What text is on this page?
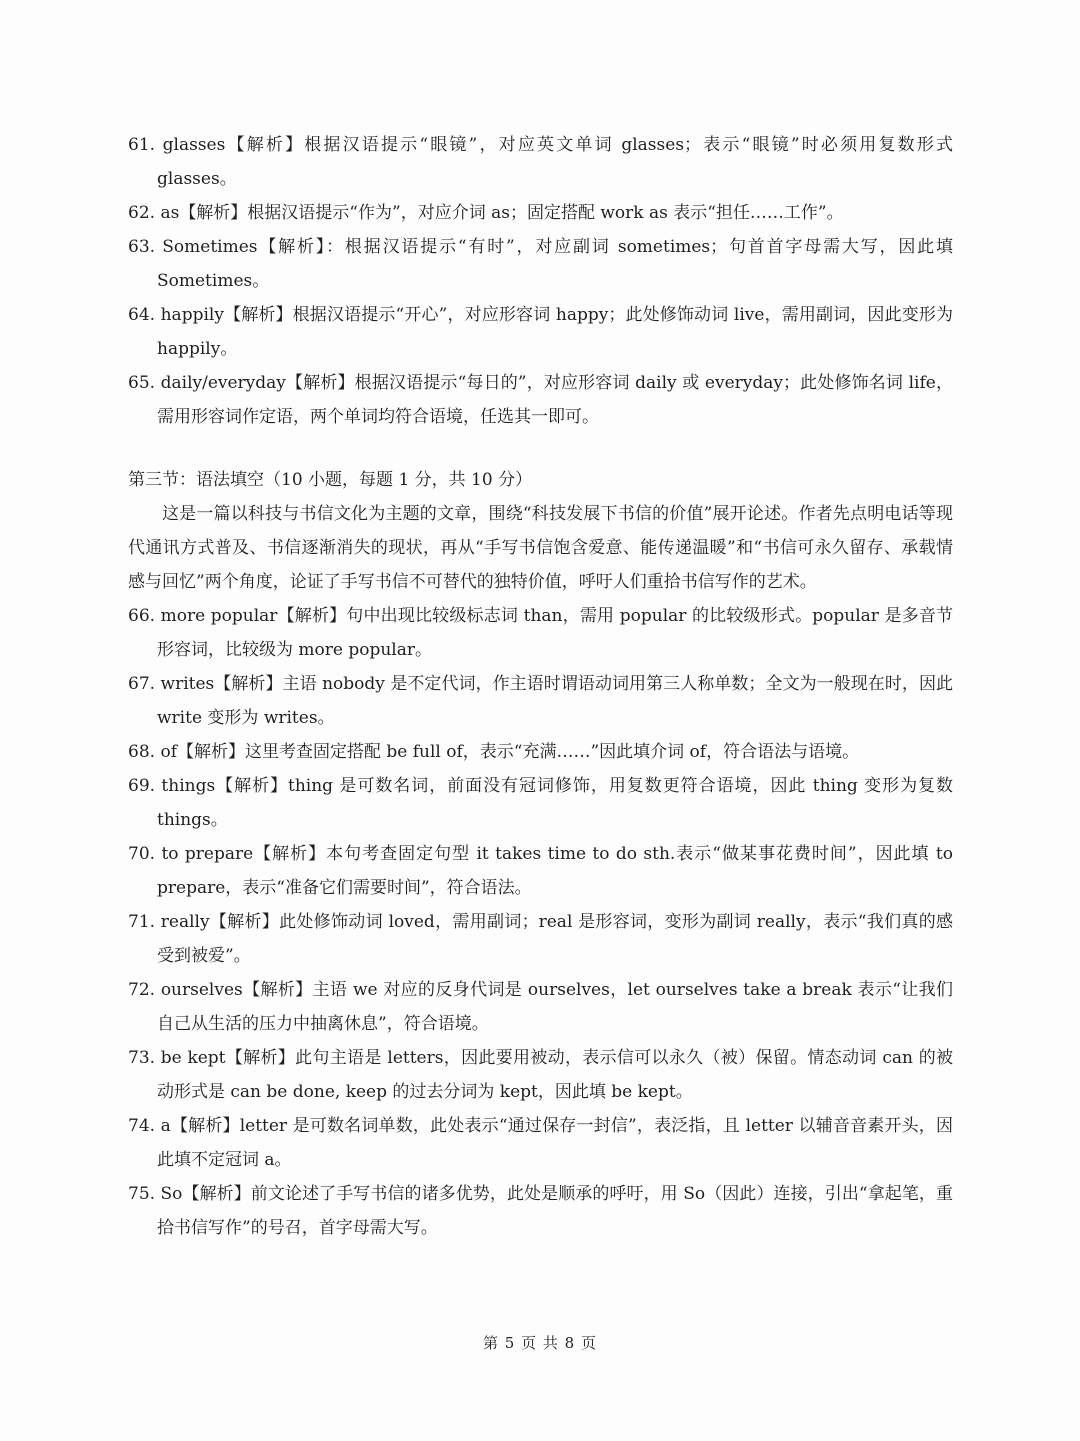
61. glasses【解析】根据汉语提示“眼镜”，对应英文单词 glasses；表示“眼镜”时必须用复数形式 glasses。
62. as【解析】根据汉语提示“作为”，对应介词 as；固定搭配 work as 表示“担任……工作”。
63. Sometimes【解析】：根据汉语提示“有时”，对应副词 sometimes；句首首字母需大写，因此填 Sometimes。
64. happily【解析】根据汉语提示“开心”，对应形容词 happy；此处修饰动词 live，需用副词，因此变形为 happily。
65. daily/everyday【解析】根据汉语提示“每日的”，对应形容词 daily 或 everyday；此处修饰名词 life，需用形容词作定语，两个单词均符合语境，任选其一即可。
第三节：语法填空（10 小题，每题 1 分，共 10 分）
这是一篇以科技与书信文化为主题的文章，围绕“科技发展下书信的价值”展开论述。作者先点明电话等现代通讯方式普及、书信逐渐消失的现状，再从“手写书信饱含爱意、能传递温暖”和“书信可永久留存、承载情感与回忆”两个角度，论证了手写书信不可替代的独特价值，呼吁人们重拾书信写作的艺术。
66. more popular【解析】句中出现比较级标志词 than，需用 popular 的比较级形式。popular 是多音节形容词，比较级为 more popular。
67. writes【解析】主语 nobody 是不定代词，作主语时谓语动词用第三人称单数；全文为一般现在时，因此 write 变形为 writes。
68. of【解析】这里考查固定搭配 be full of，表示“充满……”因此填介词 of，符合语法与语境。
69. things【解析】thing 是可数名词，前面没有冠词修饰，用复数更符合语境，因此 thing 变形为复数 things。
70. to prepare【解析】本句考查固定句型 it takes time to do sth.表示“做某事花费时间”，因此填 to prepare，表示“准备它们需要时间”，符合语法。
71. really【解析】此处修饰动词 loved，需用副词；real 是形容词，变形为副词 really，表示“我们真的感受到被爱”。
72. ourselves【解析】主语 we 对应的反身代词是 ourselves，let ourselves take a break 表示“让我们自己从生活的压力中抽离休息”，符合语境。
73. be kept【解析】此句主语是 letters，因此要用被动，表示信可以永久（被）保留。情态动词 can 的被动形式是 can be done, keep 的过去分词为 kept，因此填 be kept。
74. a【解析】letter 是可数名词单数，此处表示“通过保存一封信”，表泛指，且 letter 以辅音音素开头，因此填不定冠词 a。
75. So【解析】前文论述了手写书信的诸多优势，此处是顺承的呼吁，用 So（因此）连接，引出“拿起笔，重拾书信写作”的号召，首字母需大写。
第 5 页 共 8 页
